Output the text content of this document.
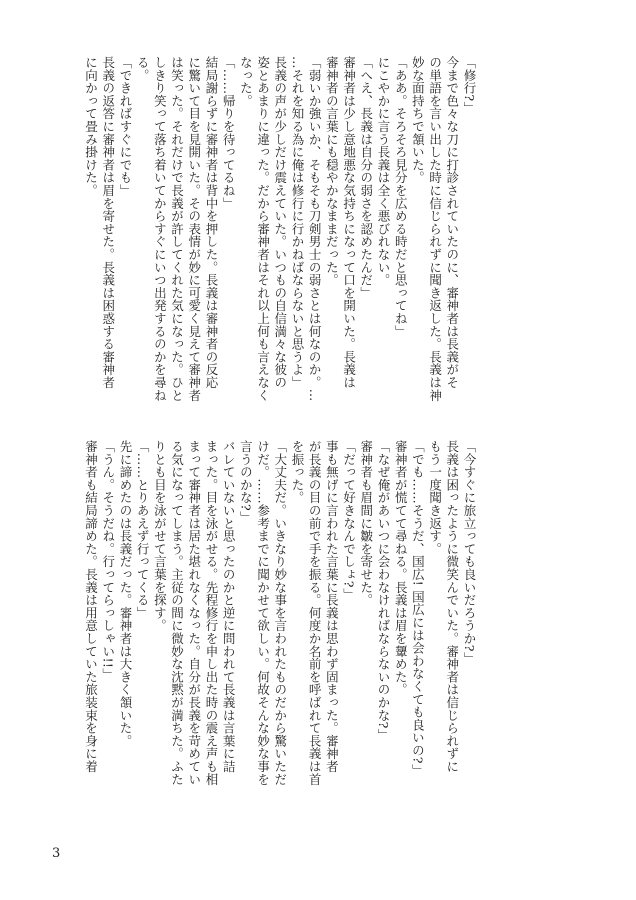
「修行?」
今まで色々な刀に打診されていたのに、審神者は長義がそ
の単語を言い出した時に信じられずに聞き返した。長義は神
妙な面持ちで頷いた。
「ああ。そろそろ見分を広める時だと思ってね」
にこやかに言う長義は全く悪びれない。
「へえ、長義は自分の弱さを認めたんだ」
審神者は少し意地悪な気持ちになって口を開いた。長義は
審神者の言葉にも穏やかなままだった。
「弱いか強いか、そもそも刀剣男士の弱さとは何なのか。…
…それを知る為に俺は修行に行かねばならないと思うよ」
長義の声が少しだけ震えていた。いつもの自信満々な彼の
姿とあまりに違った。だから審神者はそれ以上何も言えなく
なった。
「……帰りを待ってるね」
結局謝らずに審神者は背中を押した。長義は審神者の反応
に驚いて目を見開いた。その表情が妙に可愛く見えて審神者
は笑った。それだけで長義が許してくれた気になった。ひと
しきり笑って落ち着いてからすぐにいつ出発するのかを尋ね
る。
「できればすぐにでも」
長義の返答に審神者は眉を寄せた。長義は困惑する審神者
に向かって畳み掛けた。
「今すぐに旅立っても良いだろうか?」
長義は困ったように微笑んでいた。審神者は信じられずに
もう一度聞き返す。
「でも……そうだ、国広! 国広には会わなくても良いの?」
審神者が慌てて尋ねる。長義は眉を顰めた。
「なぜ俺があいつに会わなければならないのかな?」
審神者も眉間に皺を寄せた。
「だって好きなんでしょ?」
事も無げに言われた言葉に長義は思わず固まった。審神者
が長義の目の前で手を振る。何度か名前を呼ばれて長義は首
を振った。
「大丈夫だ。いきなり妙な事を言われたものだから驚いただ
けだ。……参考までに聞かせて欲しい。何故そんな妙な事を
言うのかな?」
バレていないと思ったのかと逆に問われて長義は言葉に詰
まった。目を泳がせる。先程修行を申し出た時の震え声も相
まって審神者は居た堪れなくなった。自分が長義を苛めてい
る気になってしまう。主従の間に微妙な沈黙が満ちた。ふた
りとも目を泳がせて言葉を探す。
「……とりあえず行ってくる」
先に諦めたのは長義だった。審神者は大きく頷いた。
「うん。そうだね。行ってらっしゃい!!」
審神者も結局諦めた。長義は用意していた旅装束を身に着
3
